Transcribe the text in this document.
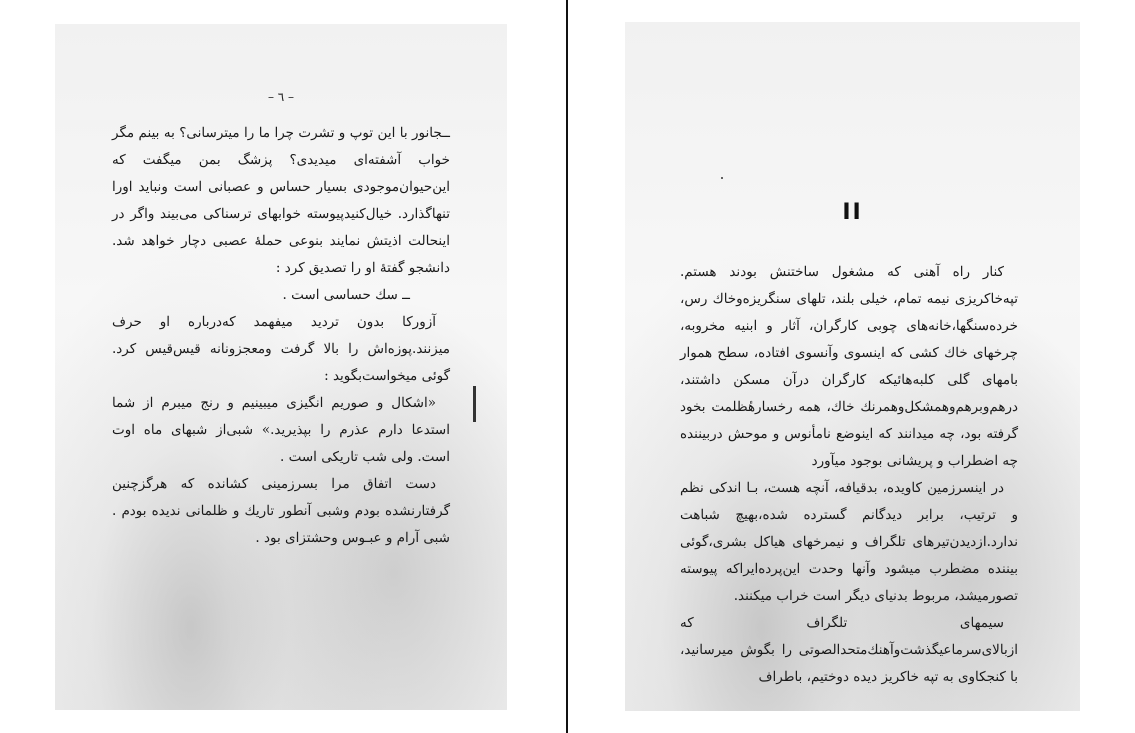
– ٦ –

ــجانور با این توپ و تشرت چرا ما را میترسانی؟ به بینم مگر خواب آشفته‌ای میدیدی؟ پزشگ بمن میگفت که این‌حیوان‌موجودی بسیار حساس و عصبانی است ونباید اورا تنهاگذارد. خیال‌کنید‌پیوسته خوابهای ترسناکی می‌بیند واگر در اینحالت اذیتش نمایند بنوعی حملهٔ عصبی دچار خواهد شد. دانشجو گفتهٔ او را تصدیق کرد :

ــ سك حساسی است .

آزورکا بدون تردید میفهمد که‌درباره او حرف میزنند.پوزه‌اش را بالا گرفت و‌معجزونانه قیس‌قیس کرد. گوئی میخواست‌بگوید :

«اشکال و صوریم انگیزی میبینیم و رنج میبرم از شما استدعا دارم عذرم را بپذیرید.» شبی‌از شبهای ماه اوت است. ولی شب تاریکی است .

دست اتفاق مرا بسرزمینی کشانده که هرگزچنین گرفتارنشده بودم وشبی آنطور تاریك و ظلمانی ندیده بودم . شبی آرام و عبـوس وحشتزای بود .

II

کنار راه آهنی که مشغول ساختنش بودند هستم. تپه‌خاکریزی نیمه تمام، خیلی بلند، تلهای سنگریزه‌وخاك رس، خرده‌سنگها،خانه‌های چوبی کارگران، آثار و ابنیه مخروبه، چرخهای خاك کشی که اینسوی وآنسوی افتاده، سطح هموار بامهای گلی کلبه‌هائیکه کارگران درآن مسکن داشتند، درهم‌وبرهم‌وهمشکل‌وهمرنك خاك، همه رخسارهٔظلمت بخود گرفته بود، چه میدانند که اینوضع نامأنوس و موحش دربیننده چه اضطراب و پریشانی بوجود میآورد

در اینسرزمین کاویده، بدقیافه، آنچه هست، بـا اندکی نظم و ترتیب، برابر دیدگانم گسترده شده،بهیچ شباهت ندارد.ازدیدن‌تیرهای تلگراف و نیمرخهای هیاکل بشری،گوئی بیننده مضطرب میشود وآنها وحدت این‌پرده‌ایراکه پیوسته تصورمیشد، مربوط بدنیای دیگر است خراب میکنند.

سیمهای تلگراف که ازبالای‌سرماعیگذشت‌وآهنك‌متحدالصوتی را بگوش میرسانید، با کنجکاوی به تپه خاکریز دیده دوختیم، باطراف
